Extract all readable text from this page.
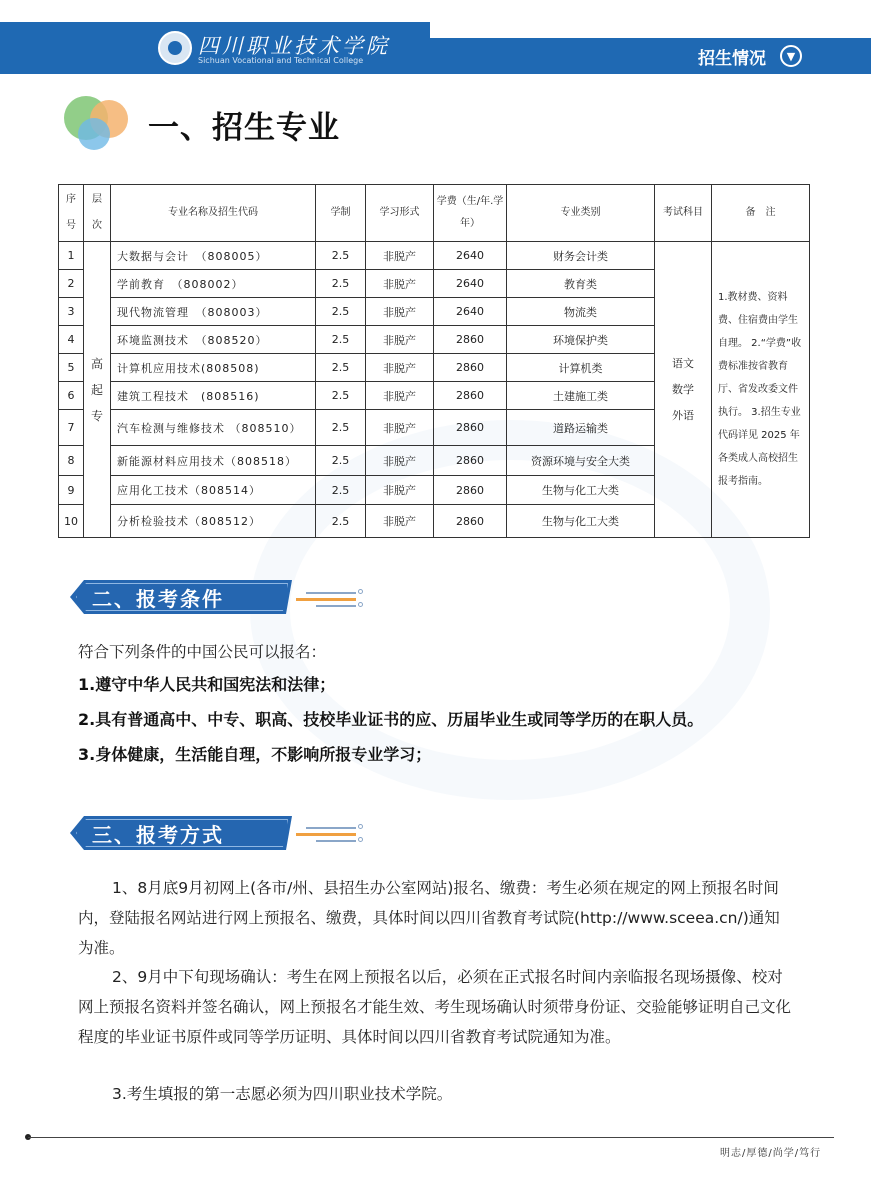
四川职业技术学院
Sichuan Vocational and Technical College	招生情况	▼
一、招生专业
序号	层次	专业名称及招生代码	学制	学习形式	学费（生/年.学年）	专业类别	考试科目	备　注
1	高起专	大数据与会计　（808005）	2.5	非脱产	2640	财务会计类	语文 数学 外语	1.教材费、资料费、住宿费由学生自理。 2.“学费”收费标准按省教育厅、省发改委文件执行。 3.招生专业代码详见 2025 年各类成人高校招生报考指南。
2		学前教育　（808002）	2.5	非脱产	2640	教育类		
3		现代物流管理　（808003）	2.5	非脱产	2640	物流类		
4		环境监测技术　（808520）	2.5	非脱产	2860	环境保护类		
5		计算机应用技术(808508)	2.5	非脱产	2860	计算机类		
6		建筑工程技术　(808516)	2.5	非脱产	2860	土建施工类		
7		汽车检测与维修技术 （808510）	2.5	非脱产	2860	道路运输类		
8		新能源材料应用技术（808518）	2.5	非脱产	2860	资源环境与安全大类		
9		应用化工技术（808514）	2.5	非脱产	2860	生物与化工大类		
10		分析检验技术（808512）	2.5	非脱产	2860	生物与化工大类		
二、报考条件
符合下列条件的中国公民可以报名：
1.遵守中华人民共和国宪法和法律；
2.具有普通高中、中专、职高、技校毕业证书的应、历届毕业生或同等学历的在职人员。
3.身体健康，生活能自理，不影响所报专业学习；
三、报考方式
1、8月底9月初网上(各市/州、县招生办公室网站)报名、缴费：考生必须在规定的网上预报名时间内，登陆报名网站进行网上预报名、缴费，具体时间以四川省教育考试院(http://www.sceea.cn/)通知为准。
2、9月中下旬现场确认：考生在网上预报名以后，必须在正式报名时间内亲临报名现场摄像、校对网上预报名资料并签名确认，网上预报名才能生效、考生现场确认时须带身份证、交验能够证明自己文化程度的毕业证书原件或同等学历证明、具体时间以四川省教育考试院通知为准。
3.考生填报的第一志愿必须为四川职业技术学院。
明志/厚德/尚学/笃行
